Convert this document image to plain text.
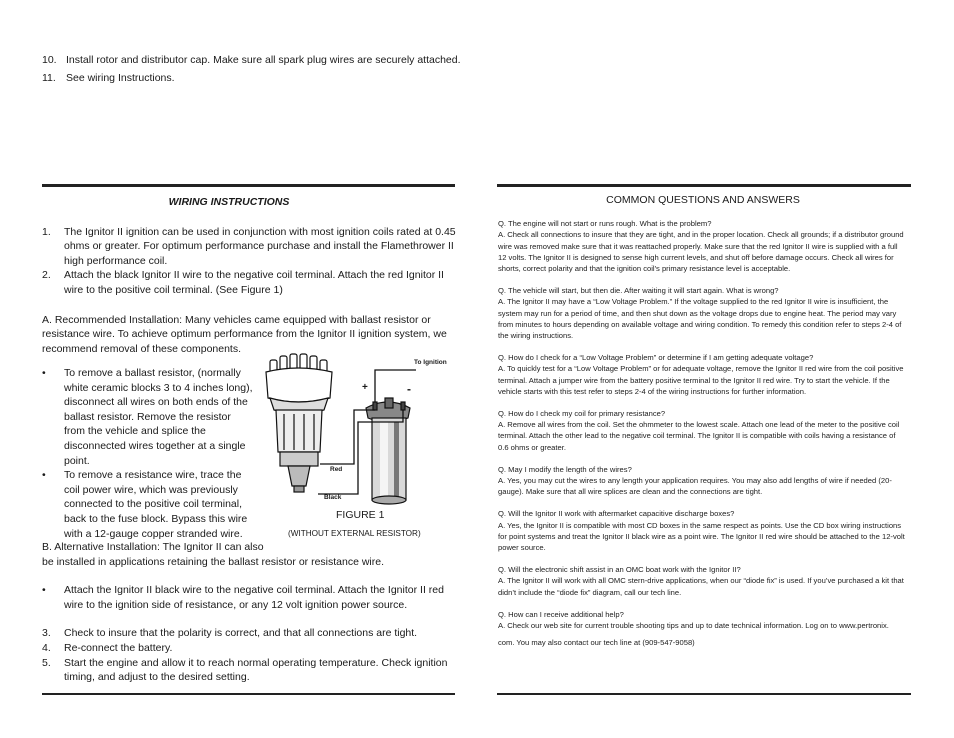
10. Install rotor and distributor cap. Make sure all spark plug wires are securely attached.
11. See wiring Instructions.
WIRING INSTRUCTIONS
1.	The Ignitor II ignition can be used in conjunction with most ignition coils rated at 0.45 ohms or greater. For optimum performance purchase and install the Flamethrower II high performance coil.
2.	Attach the black Ignitor II wire to the negative coil terminal. Attach the red Ignitor II wire to the positive coil terminal. (See Figure 1)
A. Recommended Installation: Many vehicles came equipped with ballast resistor or resistance wire. To achieve optimum performance from the Ignitor II ignition system, we recommend removal of these components.
•	To remove a ballast resistor, (normally white ceramic blocks 3 to 4 inches long), disconnect all wires on both ends of the ballast resistor. Remove the resistor from the vehicle and splice the disconnected wires together at a single point.
•	To remove a resistance wire, trace the coil power wire, which was previously connected to the positive coil terminal, back to the fuse block. Bypass this wire with a 12-gauge copper stranded wire.
To Ignition
+	-
Red
Black
FIGURE 1
(WITHOUT EXTERNAL RESISTOR)
B. Alternative Installation: The Ignitor II can also
be installed in applications retaining the ballast resistor or resistance wire.
•	Attach the Ignitor II black wire to the negative coil terminal. Attach the Ignitor II red wire to the ignition side of resistance, or any 12 volt ignition power source.
3.	Check to insure that the polarity is correct, and that all connections are tight.
4.	Re-connect the battery.
5.	Start the engine and allow it to reach normal operating temperature. Check ignition timing, and adjust to the desired setting.
COMMON QUESTIONS AND ANSWERS

Q. The engine will not start or runs rough. What is the problem?

A. Check all connections to insure that they are tight, and in the proper location. Check all grounds; if a distributor ground wire was removed make sure that it was reattached properly. Make sure that the red Ignitor II wire is supplied with a full 12 volts. The Ignitor II is designed to sense high current levels, and shut off before damage occurs. Check all wires for shorts, correct polarity and that the ignition coil's primary resistance level is acceptable.

Q. The vehicle will start, but then die. After waiting it will start again. What is wrong?

A. The Ignitor II may have a “Low Voltage Problem.” If the voltage supplied to the red Ignitor II wire is insufficient, the system may run for a period of time, and then shut down as the voltage drops due to engine heat. The period may vary from minutes to hours depending on available voltage and wiring condition. To remedy this condition refer to steps 2-4 of the wiring instructions.

Q. How do I check for a “Low Voltage Problem” or determine if I am getting adequate voltage?

A. To quickly test for a “Low Voltage Problem” or for adequate voltage, remove the Ignitor II red wire from the coil positive terminal. Attach a jumper wire from the battery positive terminal to the Ignitor II red wire. Try to start the vehicle. If the vehicle starts with this test refer to steps 2-4 of the wiring instructions for further information.

Q. How do I check my coil for primary resistance?

A. Remove all wires from the coil. Set the ohmmeter to the lowest scale. Attach one lead of the meter to the positive coil terminal. Attach the other lead to the negative coil terminal. The Ignitor II is compatible with coils having a resistance of 0.6 ohms or greater.

Q. May I modify the length of the wires?

A. Yes, you may cut the wires to any length your application requires. You may also add lengths of wire if needed (20-gauge). Make sure that all wire splices are clean and the connections are tight.

Q. Will the Ignitor II work with aftermarket capacitive discharge boxes?

A. Yes, the Ignitor II is compatible with most CD boxes in the same respect as points. Use the CD box wiring instructions for point systems and treat the Ignitor II black wire as a point wire. The Ignitor II red wire should be attached to the 12-volt power source.

Q. Will the electronic shift assist in an OMC boat work with the Ignitor II?

A. The Ignitor II will work with all OMC stern-drive applications, when our “diode fix” is used. If you’ve purchased a kit that didn’t include the “diode fix” diagram, call our tech line.

Q. How can I receive additional help?

A. Check our web site for current trouble shooting tips and up to date technical information. Log on to www.pertronix.

com. You may also contact our tech line at (909-547-9058)
